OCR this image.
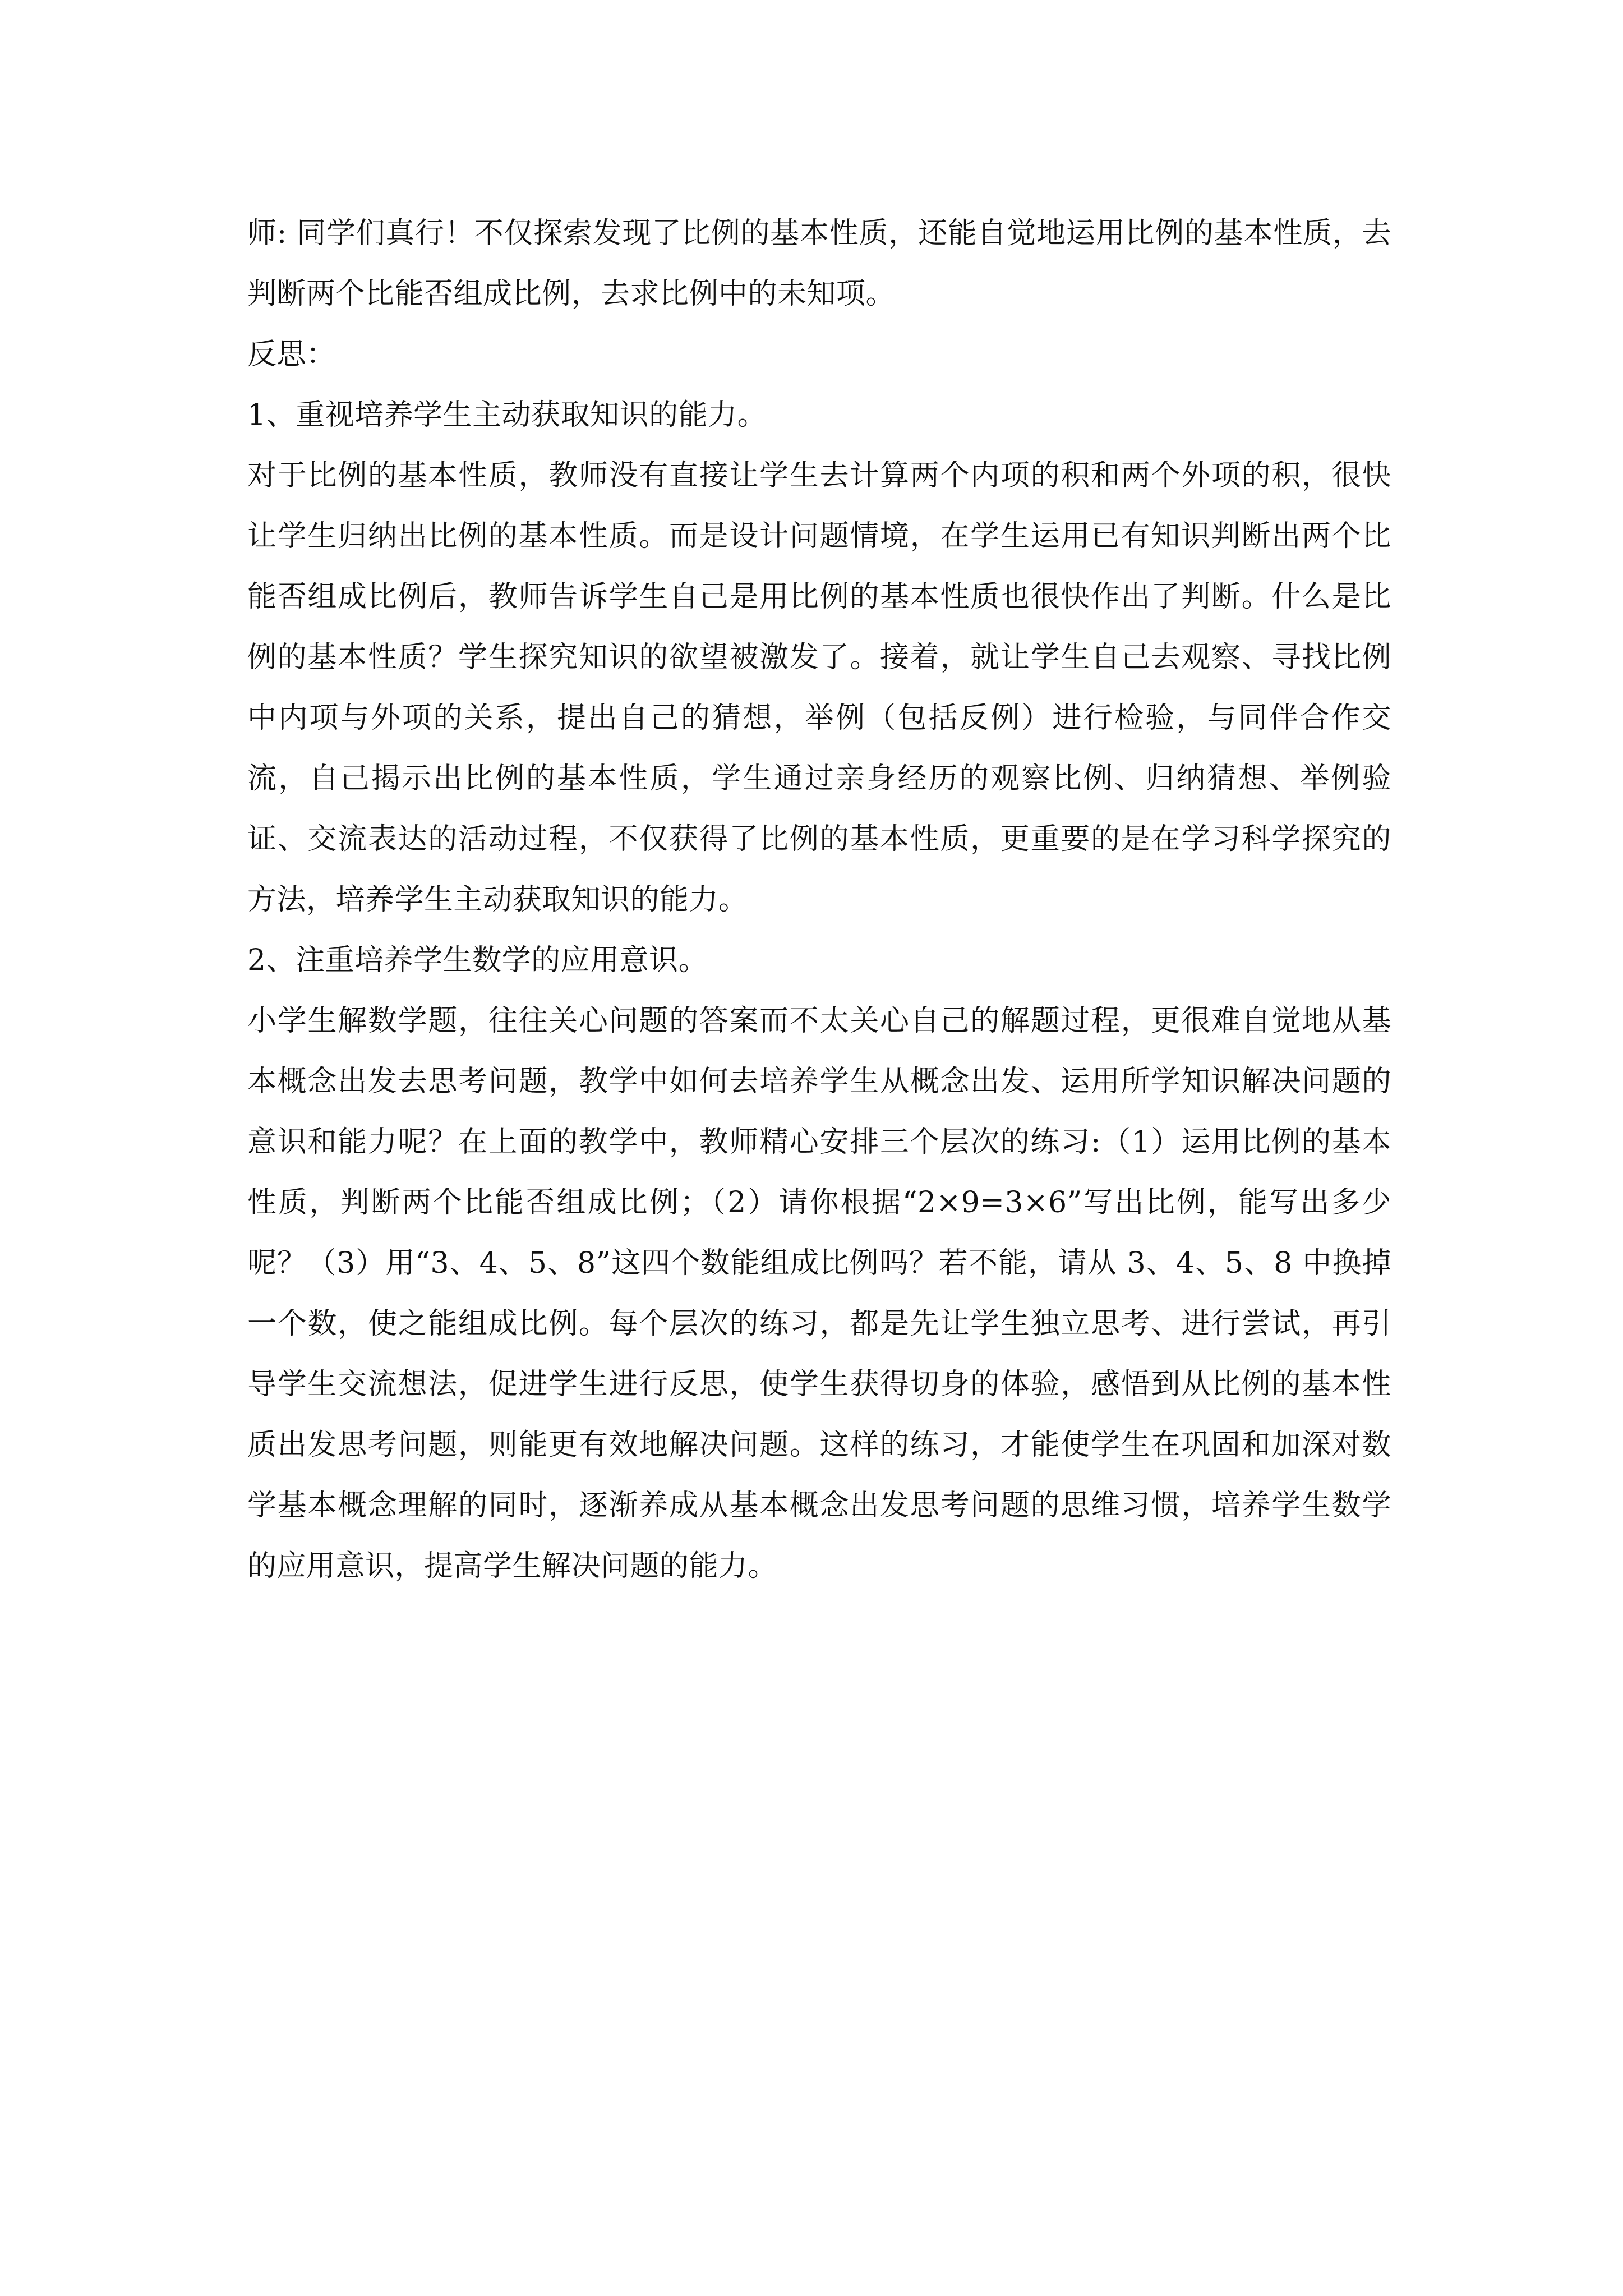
师: 同学们真行！不仅探索发现了比例的基本性质，还能自觉地运用比例的基本性质，去判断两个比能否组成比例，去求比例中的未知项。

反思：

1、重视培养学生主动获取知识的能力。

对于比例的基本性质，教师没有直接让学生去计算两个内项的积和两个外项的积，很快让学生归纳出比例的基本性质。而是设计问题情境，在学生运用已有知识判断出两个比能否组成比例后，教师告诉学生自己是用比例的基本性质也很快作出了判断。什么是比例的基本性质？学生探究知识的欲望被激发了。接着，就让学生自己去观察、寻找比例中内项与外项的关系，提出自己的猜想，举例（包括反例）进行检验，与同伴合作交流，自己揭示出比例的基本性质，学生通过亲身经历的观察比例、归纳猜想、举例验证、交流表达的活动过程，不仅获得了比例的基本性质，更重要的是在学习科学探究的方法，培养学生主动获取知识的能力。

2、注重培养学生数学的应用意识。

小学生解数学题，往往关心问题的答案而不太关心自己的解题过程，更很难自觉地从基本概念出发去思考问题，教学中如何去培养学生从概念出发、运用所学知识解决问题的意识和能力呢？在上面的教学中，教师精心安排三个层次的练习:（1）运用比例的基本性质，判断两个比能否组成比例；（2）请你根据“2×9=3×6”写出比例，能写出多少呢？（3）用“3、4、5、8”这四个数能组成比例吗？若不能，请从 3、4、5、8 中换掉一个数，使之能组成比例。每个层次的练习，都是先让学生独立思考、进行尝试，再引导学生交流想法，促进学生进行反思，使学生获得切身的体验，感悟到从比例的基本性质出发思考问题，则能更有效地解决问题。这样的练习，才能使学生在巩固和加深对数学基本概念理解的同时，逐渐养成从基本概念出发思考问题的思维习惯，培养学生数学的应用意识，提高学生解决问题的能力。
